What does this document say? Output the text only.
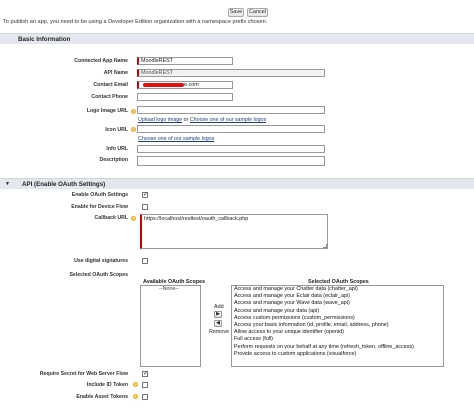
Save	Cancel
To publish an app, you need to be using a Developer Edition organization with a namespace prefix chosen.
Basic Information
Connected App Name	MoodleREST
API Name	MoodleREST
Contact Email	e.com
Contact Phone
Logo Image URL	?
Upload logo image or Choose one of our sample logos
Icon URL	?
Choose one of our sample logos
Info URL
Description
▼ API (Enable OAuth Settings)
Enable OAuth Settings	✓
Enable for Device Flow
Callback URL	?	https://localhost/restlest/oauth_callback.php
Use digital signatures
Selected OAuth Scopes
Available OAuth Scopes	Selected OAuth Scopes
--None--
Add
▶
◀
Remove
Access and manage your Chatter data (chatter_api)
Access and manage your Eclair data (eclair_api)
Access and manage your Wave data (wave_api)
Access and manage your data (api)
Access custom permissions (custom_permissions)
Access your basic information (id, profile, email, address, phone)
Allow access to your unique identifier (openid)
Full access (full)
Perform requests on your behalf at any time (refresh_token, offline_access)
Provide access to custom applications (visualforce)
Require Secret for Web Server Flow	✓
Include ID Token	?
Enable Asset Tokens	?
